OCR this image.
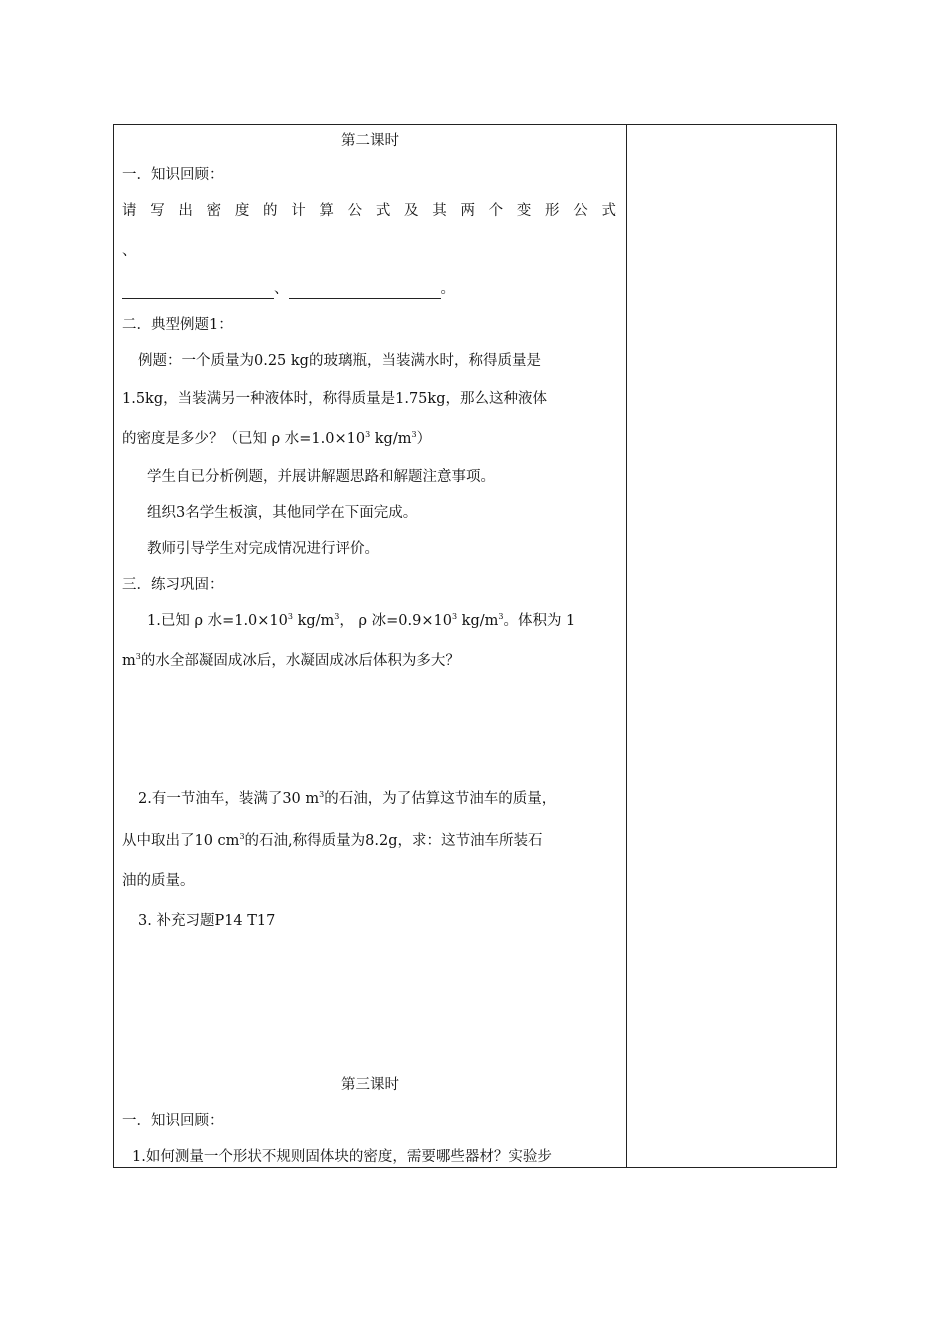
第二课时
一．知识回顾：
请 写 出 密 度 的 计 算 公 式 及 其 两 个 变 形 公 式
、
、	。
二．典型例题1：
例题：一个质量为0.25 kg的玻璃瓶，当装满水时，称得质量是
1.5kg，当装满另一种液体时，称得质量是1.75kg，那么这种液体
的密度是多少？（已知 ρ 水$=1.0\times 10^3$ $kg/m^3$）
学生自已分析例题，并展讲解题思路和解题注意事项。
组织3名学生板演，其他同学在下面完成。
教师引导学生对完成情况进行评价。
三．练习巩固：
1.已知 ρ 水$=1.0\times 10^3$ $kg/m^3$， ρ 冰$=0.9\times 10^3$ $kg/m^3$。体积为 1
$m^3$的水全部凝固成冰后，水凝固成冰后体积为多大？
2.有一节油车，装满了30 $m^3$的石油，为了估算这节油车的质量，
从中取出了10 $cm^3$的石油,称得质量为8.2g，求：这节油车所装石
油的质量。
3. 补充习题P14 T17
第三课时
一．知识回顾：
1.如何测量一个形状不规则固体块的密度，需要哪些器材？实验步
